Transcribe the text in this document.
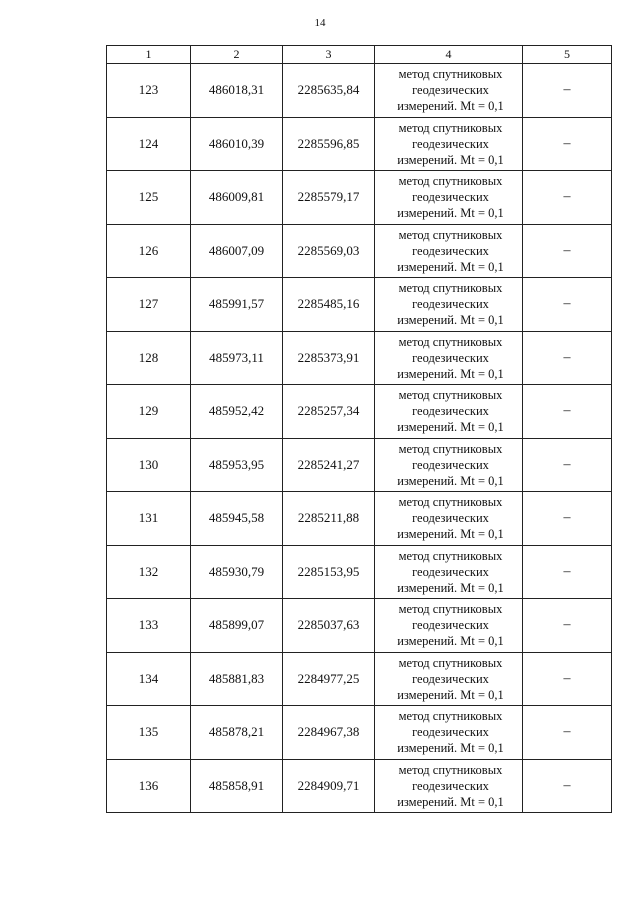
14
1	2	3	4	5
123	486018,31	2285635,84	метод спутниковых
геодезических
измерений. Mt = 0,1	–
124	486010,39	2285596,85	метод спутниковых
геодезических
измерений. Mt = 0,1	–
125	486009,81	2285579,17	метод спутниковых
геодезических
измерений. Mt = 0,1	–
126	486007,09	2285569,03	метод спутниковых
геодезических
измерений. Mt = 0,1	–
127	485991,57	2285485,16	метод спутниковых
геодезических
измерений. Mt = 0,1	–
128	485973,11	2285373,91	метод спутниковых
геодезических
измерений. Mt = 0,1	–
129	485952,42	2285257,34	метод спутниковых
геодезических
измерений. Mt = 0,1	–
130	485953,95	2285241,27	метод спутниковых
геодезических
измерений. Mt = 0,1	–
131	485945,58	2285211,88	метод спутниковых
геодезических
измерений. Mt = 0,1	–
132	485930,79	2285153,95	метод спутниковых
геодезических
измерений. Mt = 0,1	–
133	485899,07	2285037,63	метод спутниковых
геодезических
измерений. Mt = 0,1	–
134	485881,83	2284977,25	метод спутниковых
геодезических
измерений. Mt = 0,1	–
135	485878,21	2284967,38	метод спутниковых
геодезических
измерений. Mt = 0,1	–
136	485858,91	2284909,71	метод спутниковых
геодезических
измерений. Mt = 0,1	–
